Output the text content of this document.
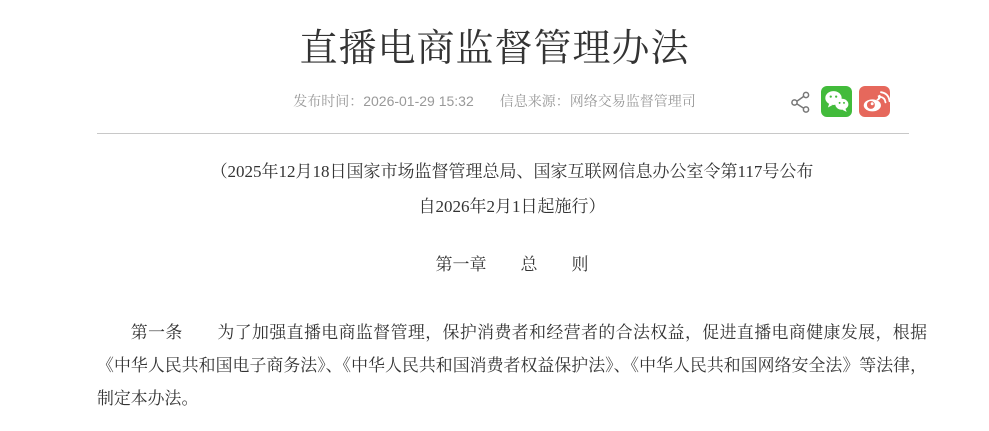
直播电商监督管理办法
发布时间：2026-01-29 15:32 信息来源：网络交易监督管理司

（2025年12月18日国家市场监督管理总局、国家互联网信息办公室令第117号公布

自2026年2月1日起施行）

第一章　　总　　则

第一条　　为了加强直播电商监督管理，保护消费者和经营者的合法权益，促进直播电商健康发展，根据《中华人民共和国电子商务法》、《中华人民共和国消费者权益保护法》、《中华人民共和国网络安全法》等法律，制定本办法。
